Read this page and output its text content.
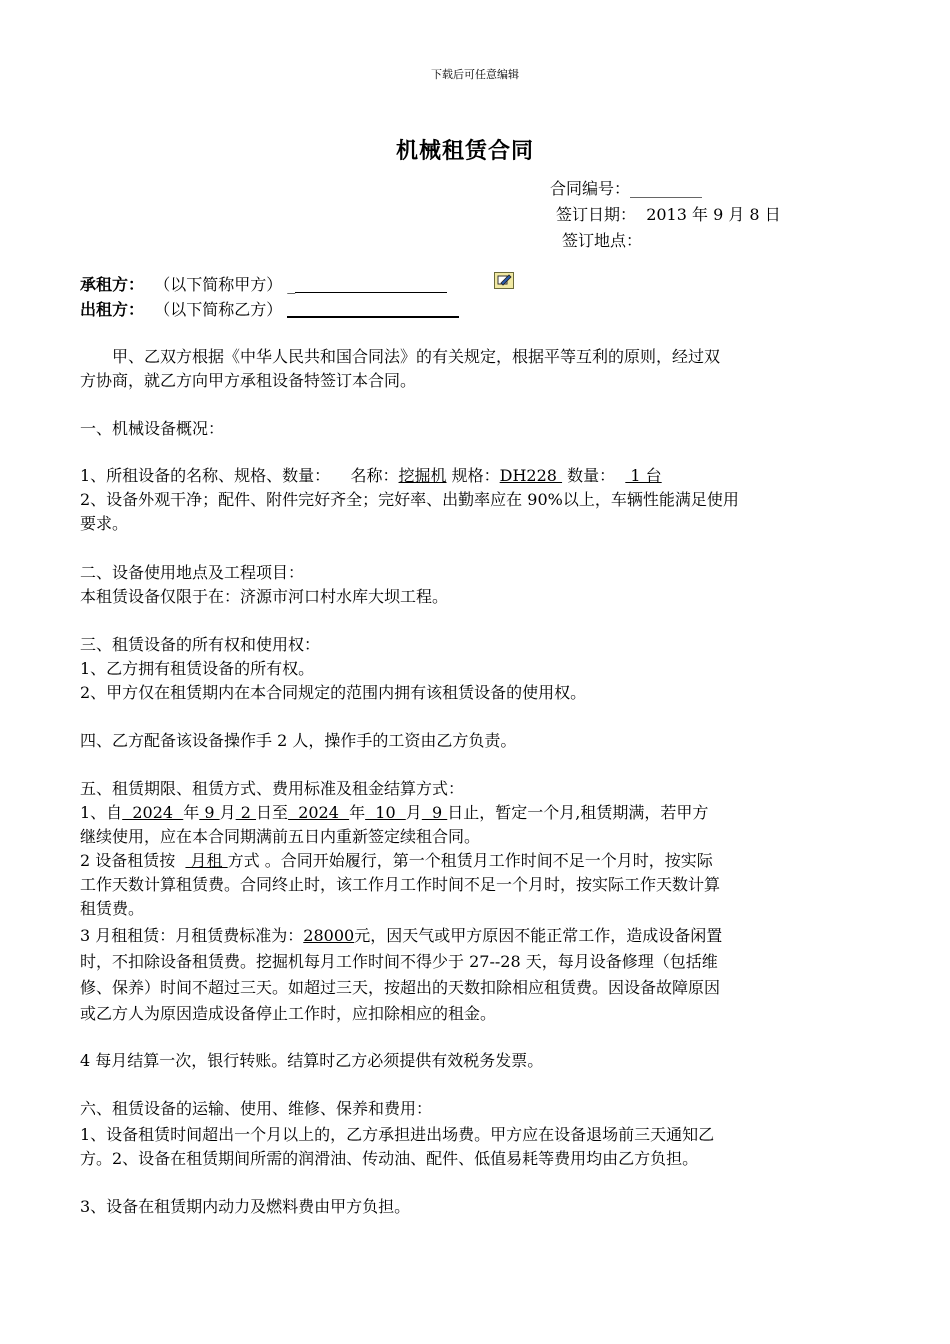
下载后可任意编辑
机械租赁合同
合同编号：_________
签订日期： 2013 年 9 月 8 日
签订地点：
承租方： （以下简称甲方） _
出租方： （以下简称乙方）
甲、乙双方根据《中华人民共和国合同法》的有关规定，根据平等互利的原则，经过双
方协商，就乙方向甲方承租设备特签订本合同。
一、机械设备概况：
1、所租设备的名称、规格、数量：    名称：挖掘机 规格：DH228  数量：   1 台
2、设备外观干净；配件、附件完好齐全；完好率、出勤率应在 90%以上，车辆性能满足使用
要求。
二、设备使用地点及工程项目：
本租赁设备仅限于在：济源市河口村水库大坝工程。
三、租赁设备的所有权和使用权：
1、乙方拥有租赁设备的所有权。
2、甲方仅在租赁期内在本合同规定的范围内拥有该租赁设备的使用权。
四、乙方配备该设备操作手 2 人，操作手的工资由乙方负责。
五、租赁期限、租赁方式、费用标准及租金结算方式：
1、自  2024  年 9 月 2 日至  2024  年  10  月  9 日止，暂定一个月,租赁期满，若甲方
继续使用，应在本合同期满前五日内重新签定续租合同。
2 设备租赁按   月租 方式 。合同开始履行，第一个租赁月工作时间不足一个月时，按实际
工作天数计算租赁费。合同终止时，该工作月工作时间不足一个月时，按实际工作天数计算
租赁费。
3 月租租赁：月租赁费标准为：28000元，因天气或甲方原因不能正常工作，造成设备闲置
时，不扣除设备租赁费。挖掘机每月工作时间不得少于 27--28 天，每月设备修理（包括维
修、保养）时间不超过三天。如超过三天，按超出的天数扣除相应租赁费。因设备故障原因
或乙方人为原因造成设备停止工作时，应扣除相应的租金。
4 每月结算一次，银行转账。结算时乙方必须提供有效税务发票。
六、租赁设备的运输、使用、维修、保养和费用：
1、设备租赁时间超出一个月以上的，乙方承担进出场费。甲方应在设备退场前三天通知乙
方。2、设备在租赁期间所需的润滑油、传动油、配件、低值易耗等费用均由乙方负担。
3、设备在租赁期内动力及燃料费由甲方负担。
